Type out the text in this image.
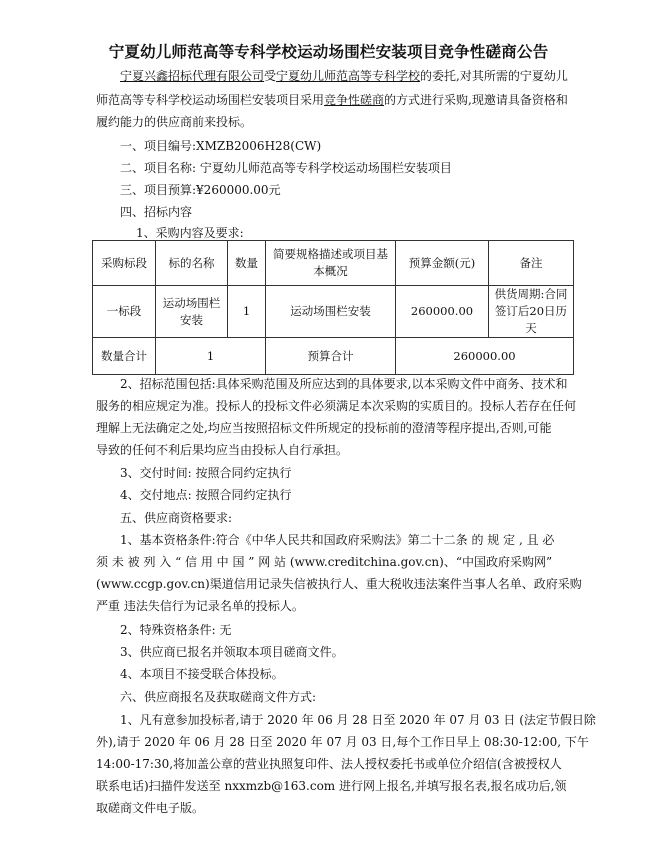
宁夏幼儿师范高等专科学校运动场围栏安装项目竞争性磋商公告
宁夏兴鑫招标代理有限公司受宁夏幼儿师范高等专科学校的委托,对其所需的宁夏幼儿
师范高等专科学校运动场围栏安装项目采用竞争性磋商的方式进行采购,现邀请具备资格和
履约能力的供应商前来投标。
一、项目编号:XMZB2006H28(CW)
二、项目名称: 宁夏幼儿师范高等专科学校运动场围栏安装项目
三、项目预算:¥260000.00元
四、招标内容
1、采购内容及要求:
采购标段	标的名称	数量	简要规格描述或项目基本概况	预算金额(元)	备注
一标段	运动场围栏安装	1	运动场围栏安装	260000.00	供货周期:合同签订后20日历天
数量合计	1		预算合计	260000.00	
2、招标范围包括:具体采购范围及所应达到的具体要求,以本采购文件中商务、技术和
服务的相应规定为准。投标人的投标文件必须满足本次采购的实质目的。投标人若存在任何
理解上无法确定之处,均应当按照招标文件所规定的投标前的澄清等程序提出,否则,可能
导致的任何不利后果均应当由投标人自行承担。
3、交付时间: 按照合同约定执行
4、交付地点: 按照合同约定执行
五、供应商资格要求:
1、基本资格条件:符合《中华人民共和国政府采购法》第二十二条 的 规 定 , 且 必
须 未 被 列 入 “ 信 用 中 国 ” 网 站 (www.creditchina.gov.cn)、“中国政府采购网”
(www.ccgp.gov.cn)渠道信用记录失信被执行人、重大税收违法案件当事人名单、政府采购
严重 违法失信行为记录名单的投标人。
2、特殊资格条件: 无
3、供应商已报名并领取本项目磋商文件。
4、本项目不接受联合体投标。
六、供应商报名及获取磋商文件方式:
1、凡有意参加投标者,请于 2020 年 06 月 28 日至 2020 年 07 月 03 日 (法定节假日除
外),请于 2020 年 06 月 28 日至 2020 年 07 月 03 日,每个工作日早上 08:30-12:00, 下午
14:00-17:30,将加盖公章的营业执照复印件、法人授权委托书或单位介绍信(含被授权人
联系电话)扫描件发送至 nxxmzb@163.com 进行网上报名,并填写报名表,报名成功后,领
取磋商文件电子版。
